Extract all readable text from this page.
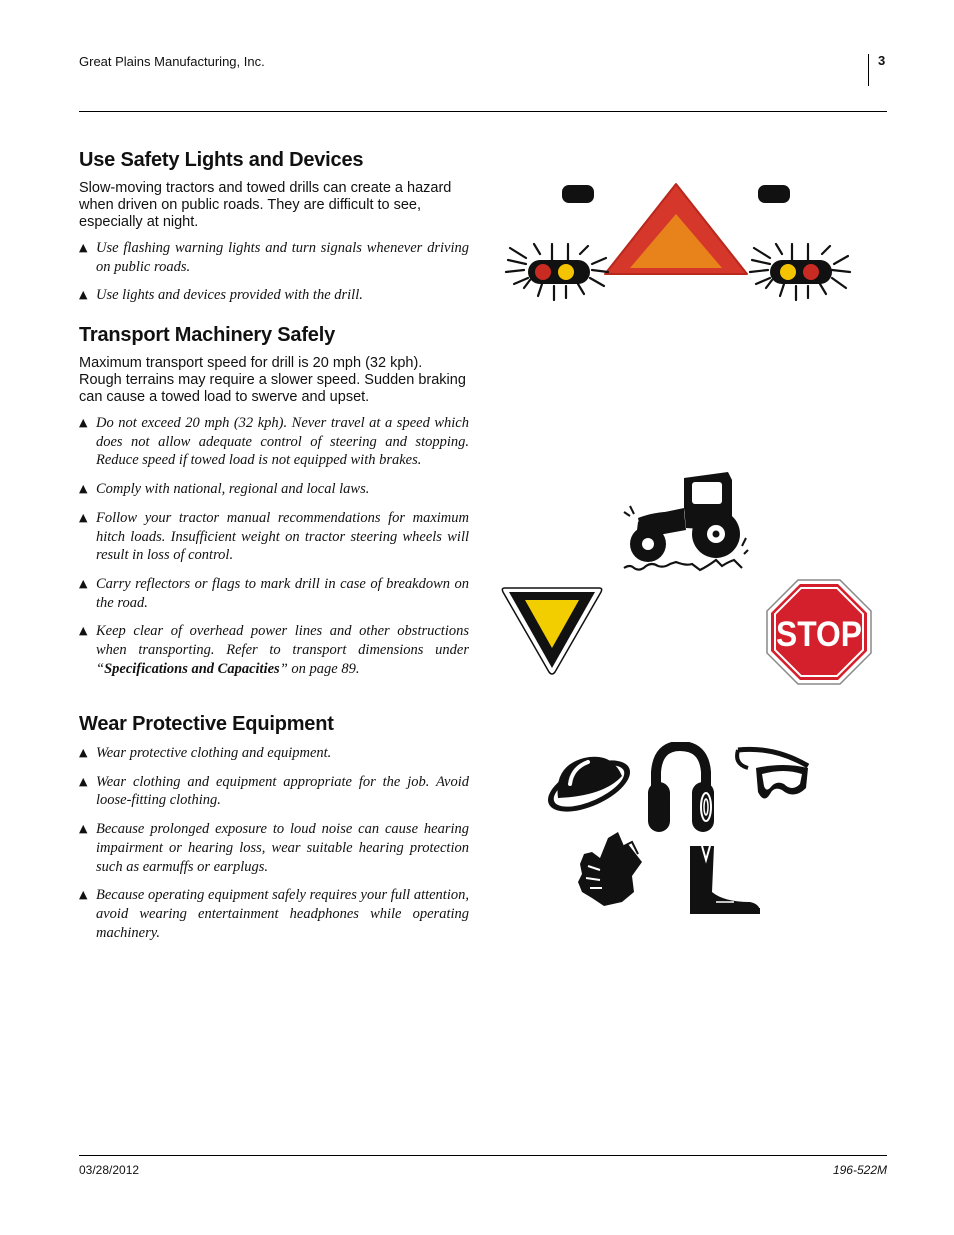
Great Plains Manufacturing, Inc.	3
Use Safety Lights and Devices

Slow-moving tractors and towed drills can create a hazard when driven on public roads. They are difficult to see, especially at night.

▲ Use flashing warning lights and turn signals whenever driving on public roads.
▲ Use lights and devices provided with the drill.
Transport Machinery Safely

Maximum transport speed for drill is 20 mph (32 kph). Rough terrains may require a slower speed. Sudden braking can cause a towed load to swerve and upset.

▲ Do not exceed 20 mph (32 kph). Never travel at a speed which does not allow adequate control of steering and stopping. Reduce speed if towed load is not equipped with brakes.
▲ Comply with national, regional and local laws.
▲ Follow your tractor manual recommendations for maximum hitch loads. Insufficient weight on tractor steering wheels will result in loss of control.
▲ Carry reflectors or flags to mark drill in case of breakdown on the road.
▲ Keep clear of overhead power lines and other obstructions when transporting. Refer to transport dimensions under “Specifications and Capacities” on page 89.
Wear Protective Equipment
▲ Wear protective clothing and equipment.
▲ Wear clothing and equipment appropriate for the job. Avoid loose-fitting clothing.
▲ Because prolonged exposure to loud noise can cause hearing impairment or hearing loss, wear suitable hearing protection such as earmuffs or earplugs.
▲ Because operating equipment safely requires your full attention, avoid wearing entertainment headphones while operating machinery.
STOP
03/28/2012	196-522M
